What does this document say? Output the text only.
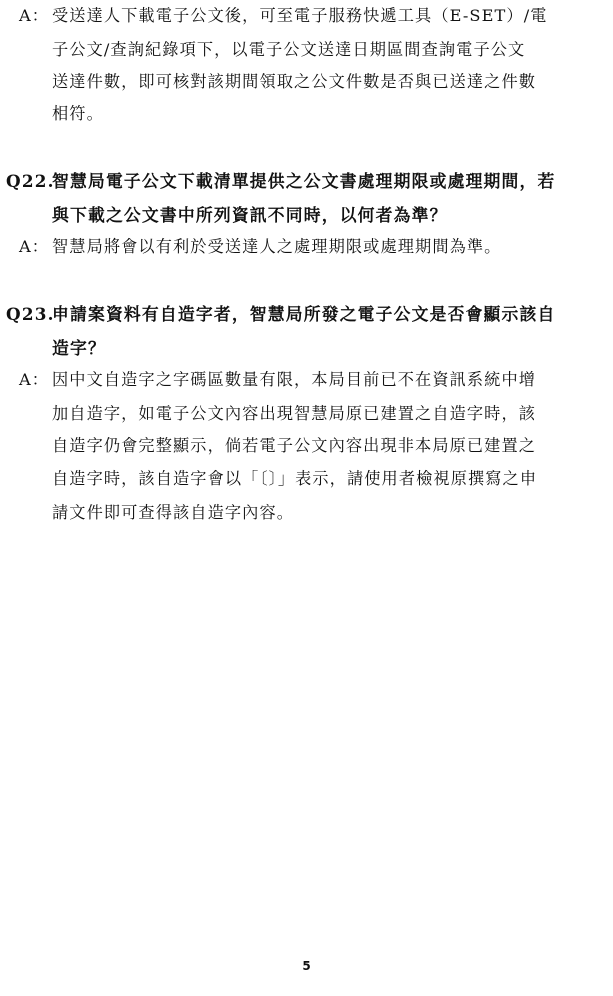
A： 受送達人下載電子公文後，可至電子服務快遞工具（E-SET）/電
子公文/查詢紀錄項下，以電子公文送達日期區間查詢電子公文
送達件數，即可核對該期間領取之公文件數是否與已送達之件數
相符。
Q22.
智慧局電子公文下載清單提供之公文書處理期限或處理期間，若
與下載之公文書中所列資訊不同時，以何者為準？
A： 智慧局將會以有利於受送達人之處理期限或處理期間為準。
Q23.
申請案資料有自造字者，智慧局所發之電子公文是否會顯示該自
造字？
A： 因中文自造字之字碼區數量有限，本局目前已不在資訊系統中增
加自造字，如電子公文內容出現智慧局原已建置之自造字時，該
自造字仍會完整顯示，倘若電子公文內容出現非本局原已建置之
自造字時，該自造字會以「〔〕」表示，請使用者檢視原撰寫之申
請文件即可查得該自造字內容。
5
